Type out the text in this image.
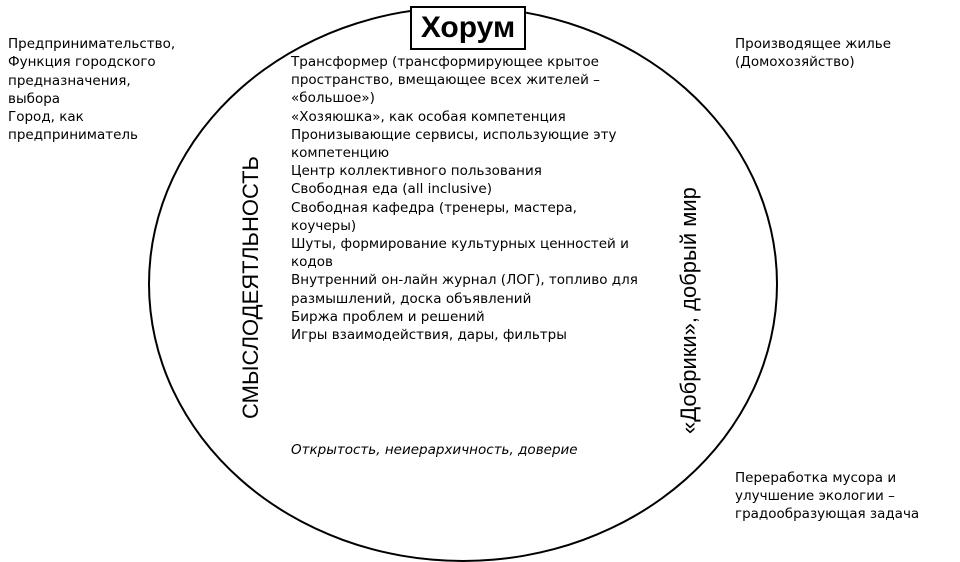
Хорум
Предпринимательство,
Функция городского
предназначения,
выбора
Город, как
предприниматель
Производящее жилье
(Домохозяйство)
Переработка мусора и
улучшение экологии –
градообразующая задача
СМЫСЛОДЕЯТЛЬНОСТЬ	«Добрики», добрый мир
Трансформер (трансформирующее крытое
пространство, вмещающее всех жителей –
«большое»)
«Хозяюшка», как особая компетенция
Пронизывающие сервисы, использующие эту
компетенцию
Центр коллективного пользования
Свободная еда (all inclusive)
Свободная кафедра (тренеры, мастера,
коучеры)
Шуты, формирование культурных ценностей и
кодов
Внутренний он-лайн журнал (ЛОГ), топливо для
размышлений, доска объявлений
Биржа проблем и решений
Игры взаимодействия, дары, фильтры
Открытость, неиерархичность, доверие
